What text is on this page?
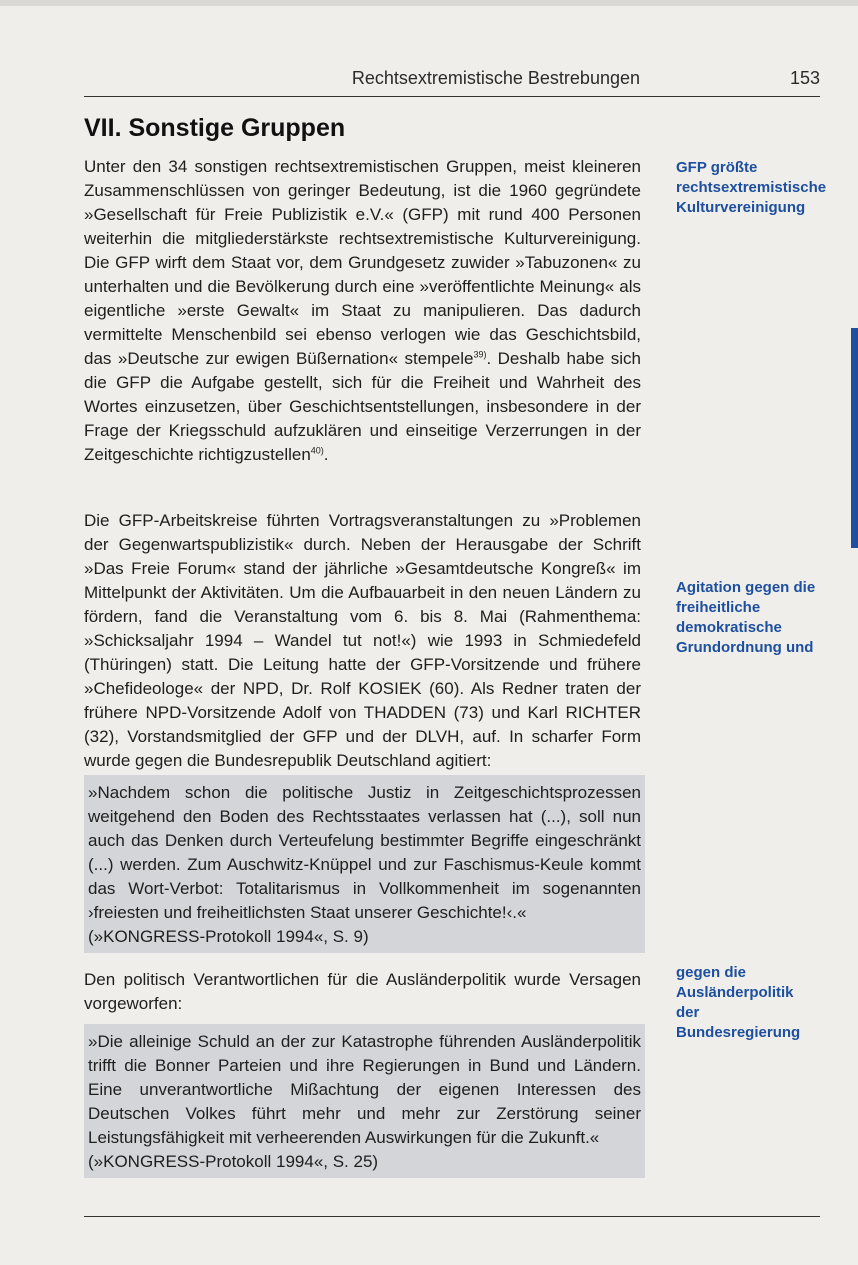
Rechtsextremistische Bestrebungen	153
VII. Sonstige Gruppen

Unter den 34 sonstigen rechtsextremistischen Gruppen, meist kleineren Zusammenschlüssen von geringer Bedeutung, ist die 1960 gegründete »Gesellschaft für Freie Publizistik e.V.« (GFP) mit rund 400 Personen weiterhin die mitgliederstärkste rechtsextremistische Kulturvereinigung. Die GFP wirft dem Staat vor, dem Grundgesetz zuwider »Tabuzonen« zu unterhalten und die Bevölkerung durch eine »veröffentlichte Meinung« als eigentliche »erste Gewalt« im Staat zu manipulieren. Das dadurch vermittelte Menschenbild sei ebenso verlogen wie das Geschichtsbild, das »Deutsche zur ewigen Büßernation« stempele$^{39)}$. Deshalb habe sich die GFP die Aufgabe gestellt, sich für die Freiheit und Wahrheit des Wortes einzusetzen, über Geschichtsentstellungen, insbesondere in der Frage der Kriegsschuld aufzuklären und einseitige Verzerrungen in der Zeitgeschichte richtigzustellen$^{40)}$.

Die GFP-Arbeitskreise führten Vortragsveranstaltungen zu »Problemen der Gegenwartspublizistik« durch. Neben der Herausgabe der Schrift »Das Freie Forum« stand der jährliche »Gesamtdeutsche Kongreß« im Mittelpunkt der Aktivitäten. Um die Aufbauarbeit in den neuen Ländern zu fördern, fand die Veranstaltung vom 6. bis 8. Mai (Rahmenthema: »Schicksaljahr 1994 – Wandel tut not!«) wie 1993 in Schmiedefeld (Thüringen) statt. Die Leitung hatte der GFP-Vorsitzende und frühere »Chefideologe« der NPD, Dr. Rolf KOSIEK (60). Als Redner traten der frühere NPD-Vorsitzende Adolf von THADDEN (73) und Karl RICHTER (32), Vorstandsmitglied der GFP und der DLVH, auf. In scharfer Form wurde gegen die Bundesrepublik Deutschland agitiert:

»Nachdem schon die politische Justiz in Zeitgeschichtsprozessen weitgehend den Boden des Rechtsstaates verlassen hat (...), soll nun auch das Denken durch Verteufelung bestimmter Begriffe eingeschränkt (...) werden. Zum Auschwitz-Knüppel und zur Faschismus-Keule kommt das Wort-Verbot: Totalitarismus in Vollkommenheit im sogenannten ›freiesten und freiheitlichsten Staat unserer Geschichte!‹.«

(»KONGRESS-Protokoll 1994«, S. 9)

Den politisch Verantwortlichen für die Ausländerpolitik wurde Versagen vorgeworfen:

»Die alleinige Schuld an der zur Katastrophe führenden Ausländerpolitik trifft die Bonner Parteien und ihre Regierungen in Bund und Ländern. Eine unverantwortliche Mißachtung der eigenen Interessen des Deutschen Volkes führt mehr und mehr zur Zerstörung seiner Leistungsfähigkeit mit verheerenden Auswirkungen für die Zukunft.«

(»KONGRESS-Protokoll 1994«, S. 25)

GFP größte rechtsextremistische Kulturvereinigung
Agitation gegen die freiheitliche demokratische Grundordnung und
gegen die Ausländerpolitik der Bundesregierung
